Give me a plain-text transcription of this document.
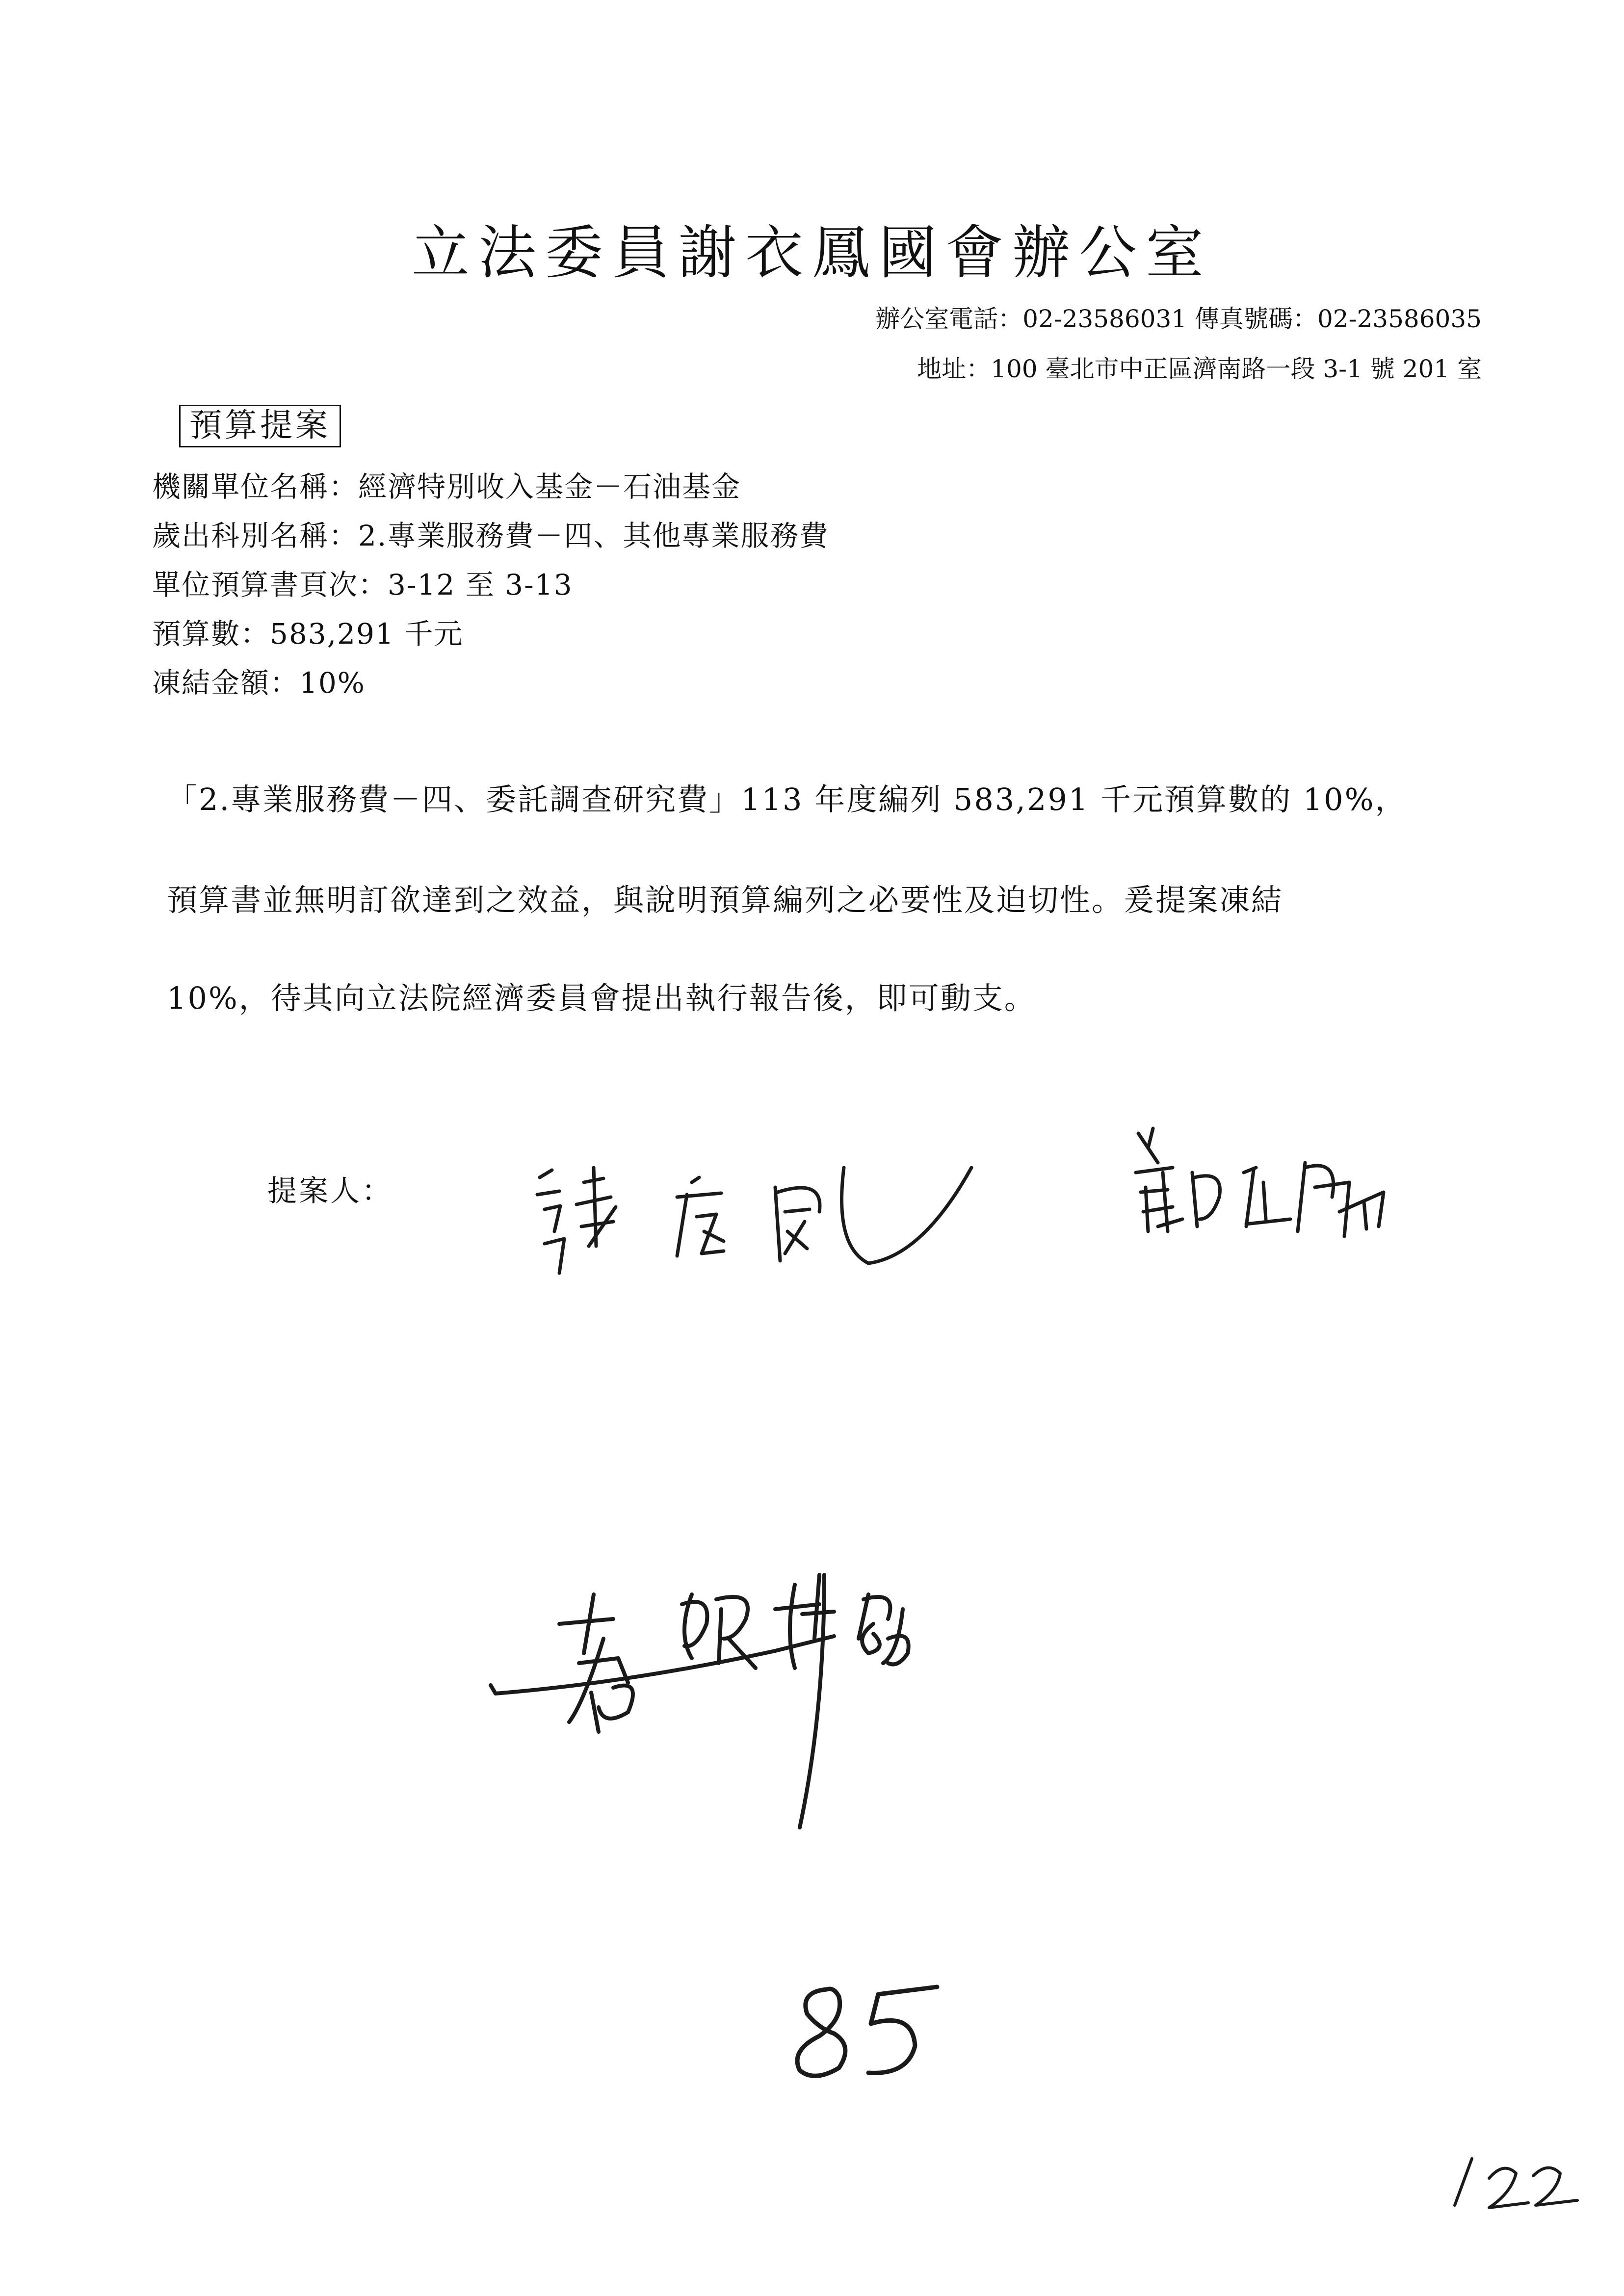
立法委員謝衣鳳國會辦公室
辦公室電話：02-23586031 傳真號碼：02-23586035
地址：100 臺北市中正區濟南路一段 3-1 號 201 室
預算提案
機關單位名稱：經濟特別收入基金－石油基金
歲出科別名稱：2.專業服務費－四、其他專業服務費
單位預算書頁次：3-12 至 3-13
預算數：583,291 千元
凍結金額：10%
「2.專業服務費－四、委託調查研究費」113 年度編列 583,291 千元預算數的 10%，
預算書並無明訂欲達到之效益，與說明預算編列之必要性及迫切性。爰提案凍結
10%，待其向立法院經濟委員會提出執行報告後，即可動支。
提案人：
